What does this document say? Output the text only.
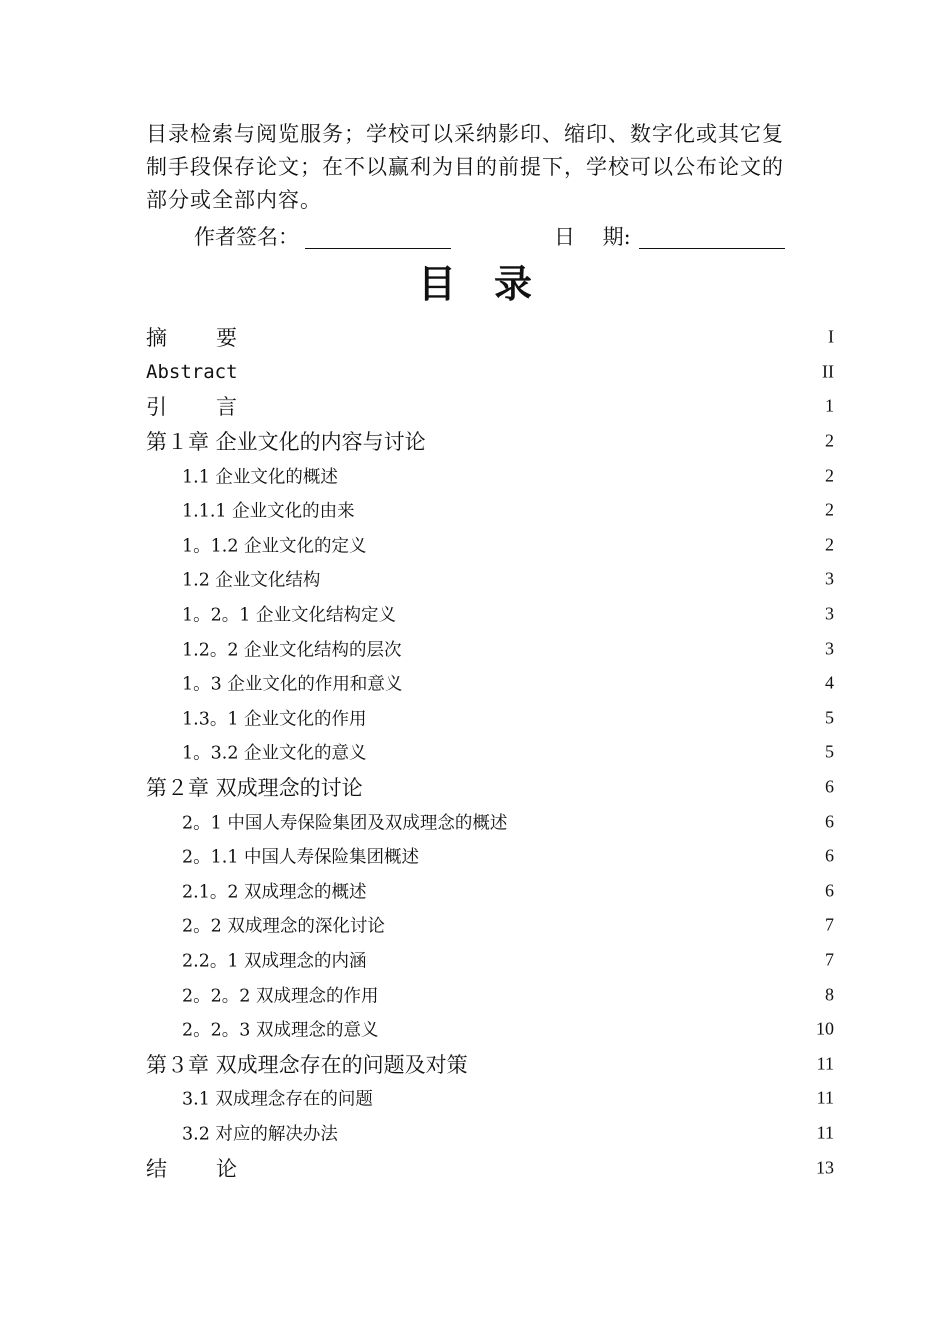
目录检索与阅览服务；学校可以采纳影印、缩印、数字化或其它复

制手段保存论文；在不以赢利为目的前提下，学校可以公布论文的

部分或全部内容。

作者签名：	日　 期:
目　录
摘　要	I
Abstract	II
引　言	1
第１章 企业文化的内容与讨论	2
1.1 企业文化的概述	2
1.1.1 企业文化的由来	2
1。1.2 企业文化的定义	2
1.2 企业文化结构	3
1。2。1 企业文化结构定义	3
1.2。2 企业文化结构的层次	3
1。3 企业文化的作用和意义	4
1.3。1 企业文化的作用	5
1。3.2 企业文化的意义	5
第２章 双成理念的讨论	6
2。1 中国人寿保险集团及双成理念的概述	6
2。1.1 中国人寿保险集团概述	6
2.1。2 双成理念的概述	6
2。2 双成理念的深化讨论	7
2.2。1 双成理念的内涵	7
2。2。2 双成理念的作用	8
2。2。3 双成理念的意义	10
第３章 双成理念存在的问题及对策	11
3.1 双成理念存在的问题	11
3.2 对应的解决办法	11
结　论	13
